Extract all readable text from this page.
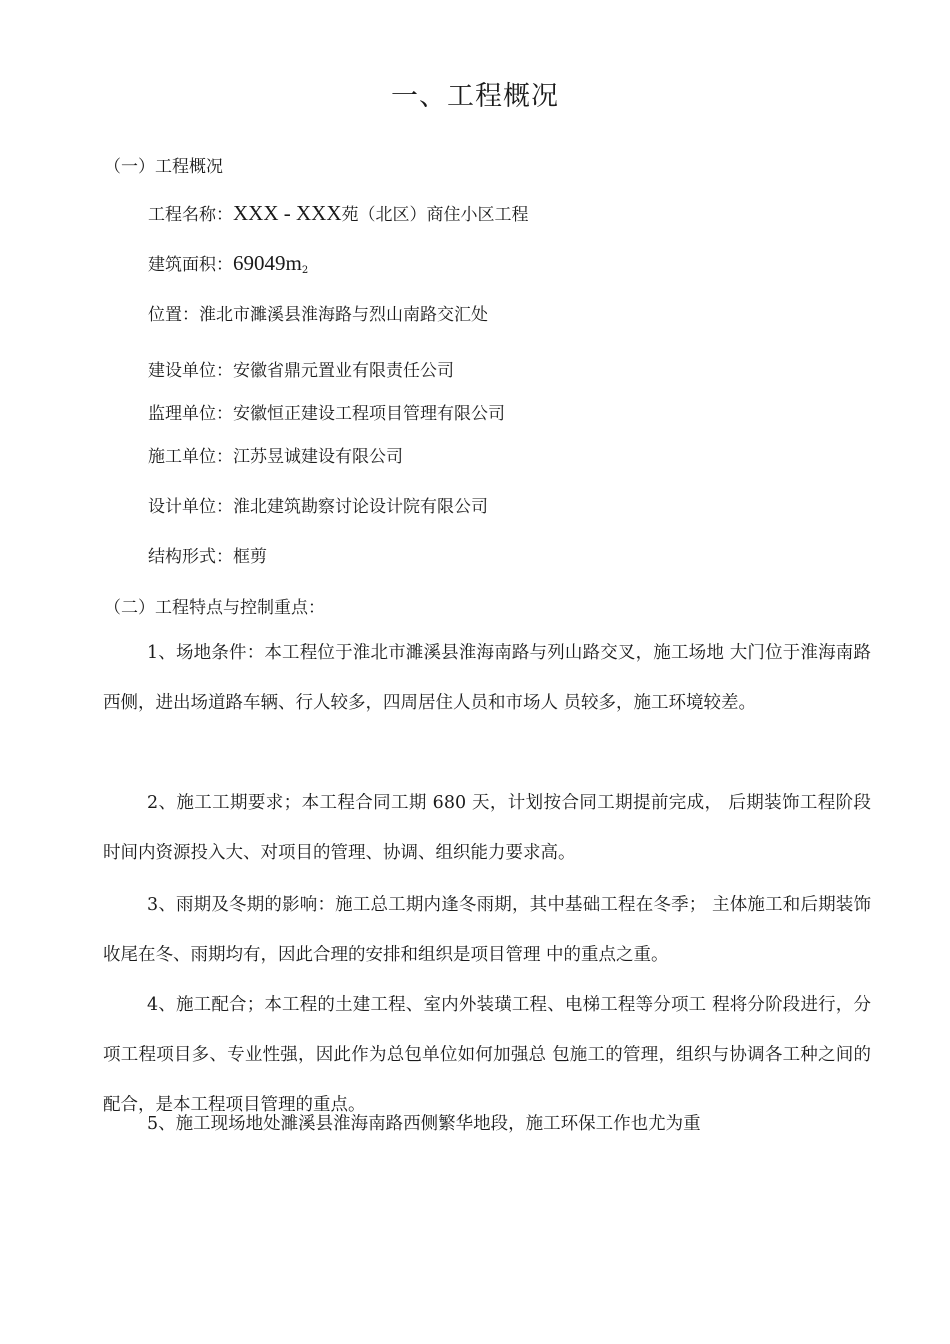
一、工程概况
（一）工程概况
工程名称：XXX - XXX苑（北区）商住小区工程
建筑面积：69049m2
位置：淮北市濉溪县淮海路与烈山南路交汇处
建设单位：安徽省鼎元置业有限责任公司
监理单位：安徽恒正建设工程项目管理有限公司
施工单位：江苏昱诚建设有限公司
设计单位：淮北建筑勘察讨论设计院有限公司
结构形式：框剪
（二）工程特点与控制重点：
1、场地条件：本工程位于淮北市濉溪县淮海南路与列山路交叉，施工场地 大门位于淮海南路西侧，进出场道路车辆、行人较多，四周居住人员和市场人 员较多，施工环境较差。
2、施工工期要求；本工程合同工期 680 天，计划按合同工期提前完成， 后期装饰工程阶段时间内资源投入大、对项目的管理、协调、组织能力要求高。
3、雨期及冬期的影响：施工总工期内逢冬雨期，其中基础工程在冬季； 主体施工和后期装饰收尾在冬、雨期均有，因此合理的安排和组织是项目管理 中的重点之重。
4、施工配合；本工程的土建工程、室内外装璜工程、电梯工程等分项工 程将分阶段进行，分项工程项目多、专业性强，因此作为总包单位如何加强总 包施工的管理，组织与协调各工种之间的配合，是本工程项目管理的重点。
5、施工现场地处濉溪县淮海南路西侧繁华地段，施工环保工作也尤为重
